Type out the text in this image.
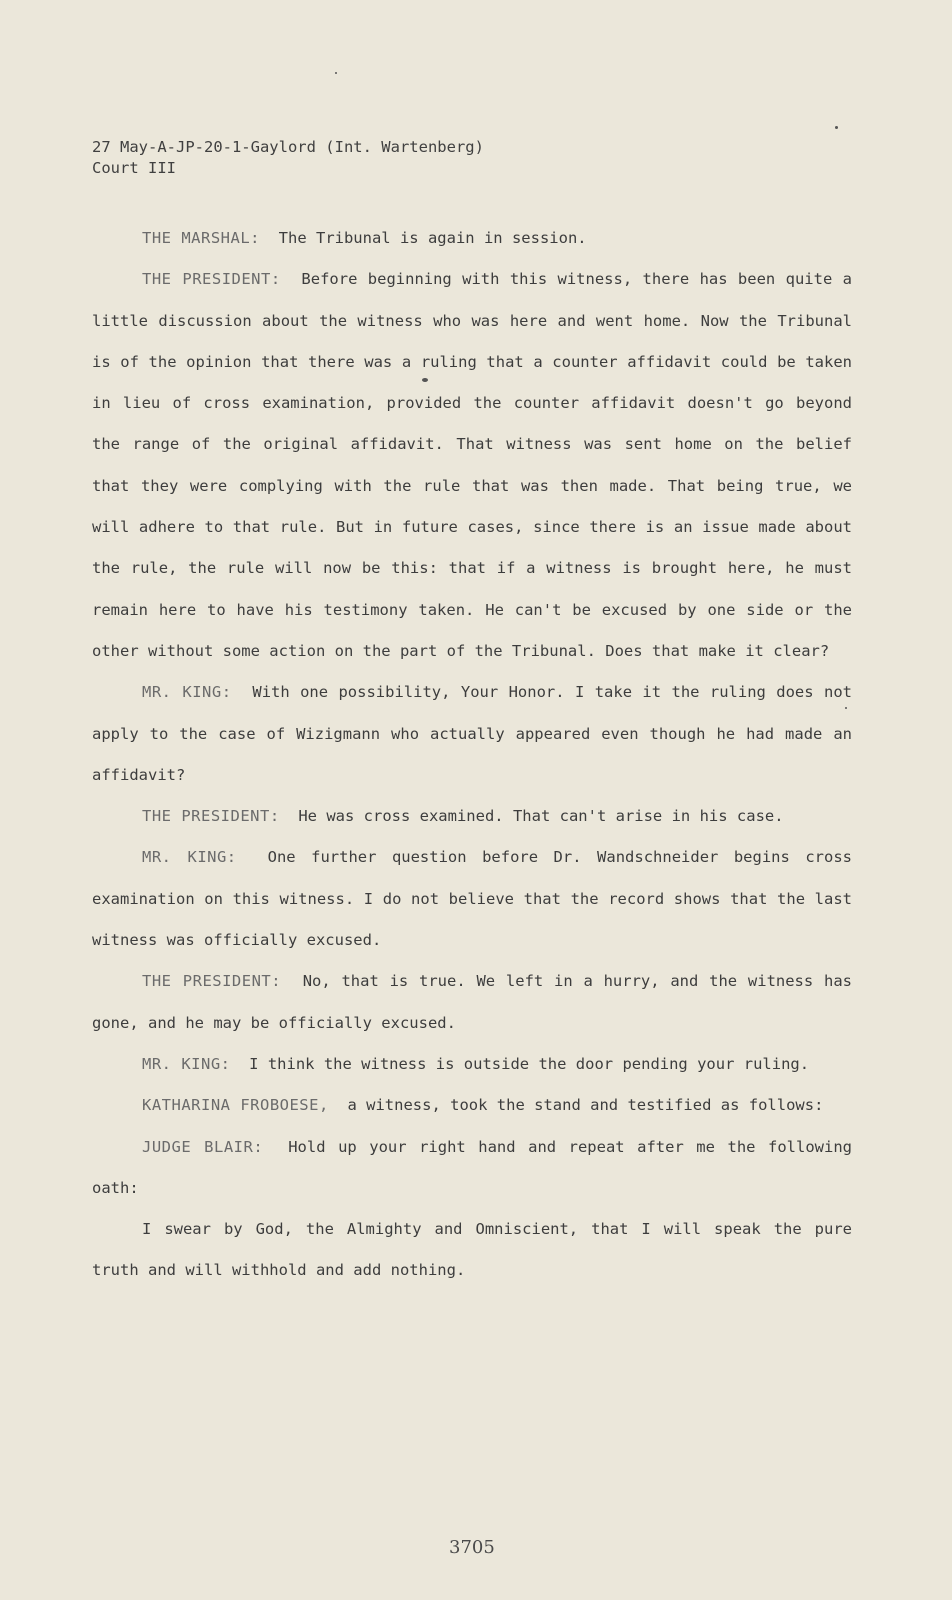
27 May-A-JP-20-1-Gaylord (Int. Wartenberg)
Court III

THE MARSHAL: The Tribunal is again in session.

THE PRESIDENT: Before beginning with this witness, there has been quite a little discussion about the witness who was here and went home. Now the Tribunal is of the opinion that there was a ruling that a counter affidavit could be taken in lieu of cross examination, provided the counter affidavit doesn't go beyond the range of the original affidavit. That witness was sent home on the belief that they were complying with the rule that was then made. That being true, we will adhere to that rule. But in future cases, since there is an issue made about the rule, the rule will now be this: that if a witness is brought here, he must remain here to have his testimony taken. He can't be excused by one side or the other without some action on the part of the Tribunal. Does that make it clear?

MR. KING: With one possibility, Your Honor. I take it the ruling does not apply to the case of Wizigmann who actually appeared even though he had made an affidavit?

THE PRESIDENT: He was cross examined. That can't arise in his case.

MR. KING: One further question before Dr. Wandschneider begins cross examination on this witness. I do not believe that the record shows that the last witness was officially excused.

THE PRESIDENT: No, that is true. We left in a hurry, and the witness has gone, and he may be officially excused.

MR. KING: I think the witness is outside the door pending your ruling.

KATHARINA FROBOESE, a witness, took the stand and testified as follows:

JUDGE BLAIR: Hold up your right hand and repeat after me the following oath:

I swear by God, the Almighty and Omniscient, that I will speak the pure truth and will withhold and add nothing.

3705
